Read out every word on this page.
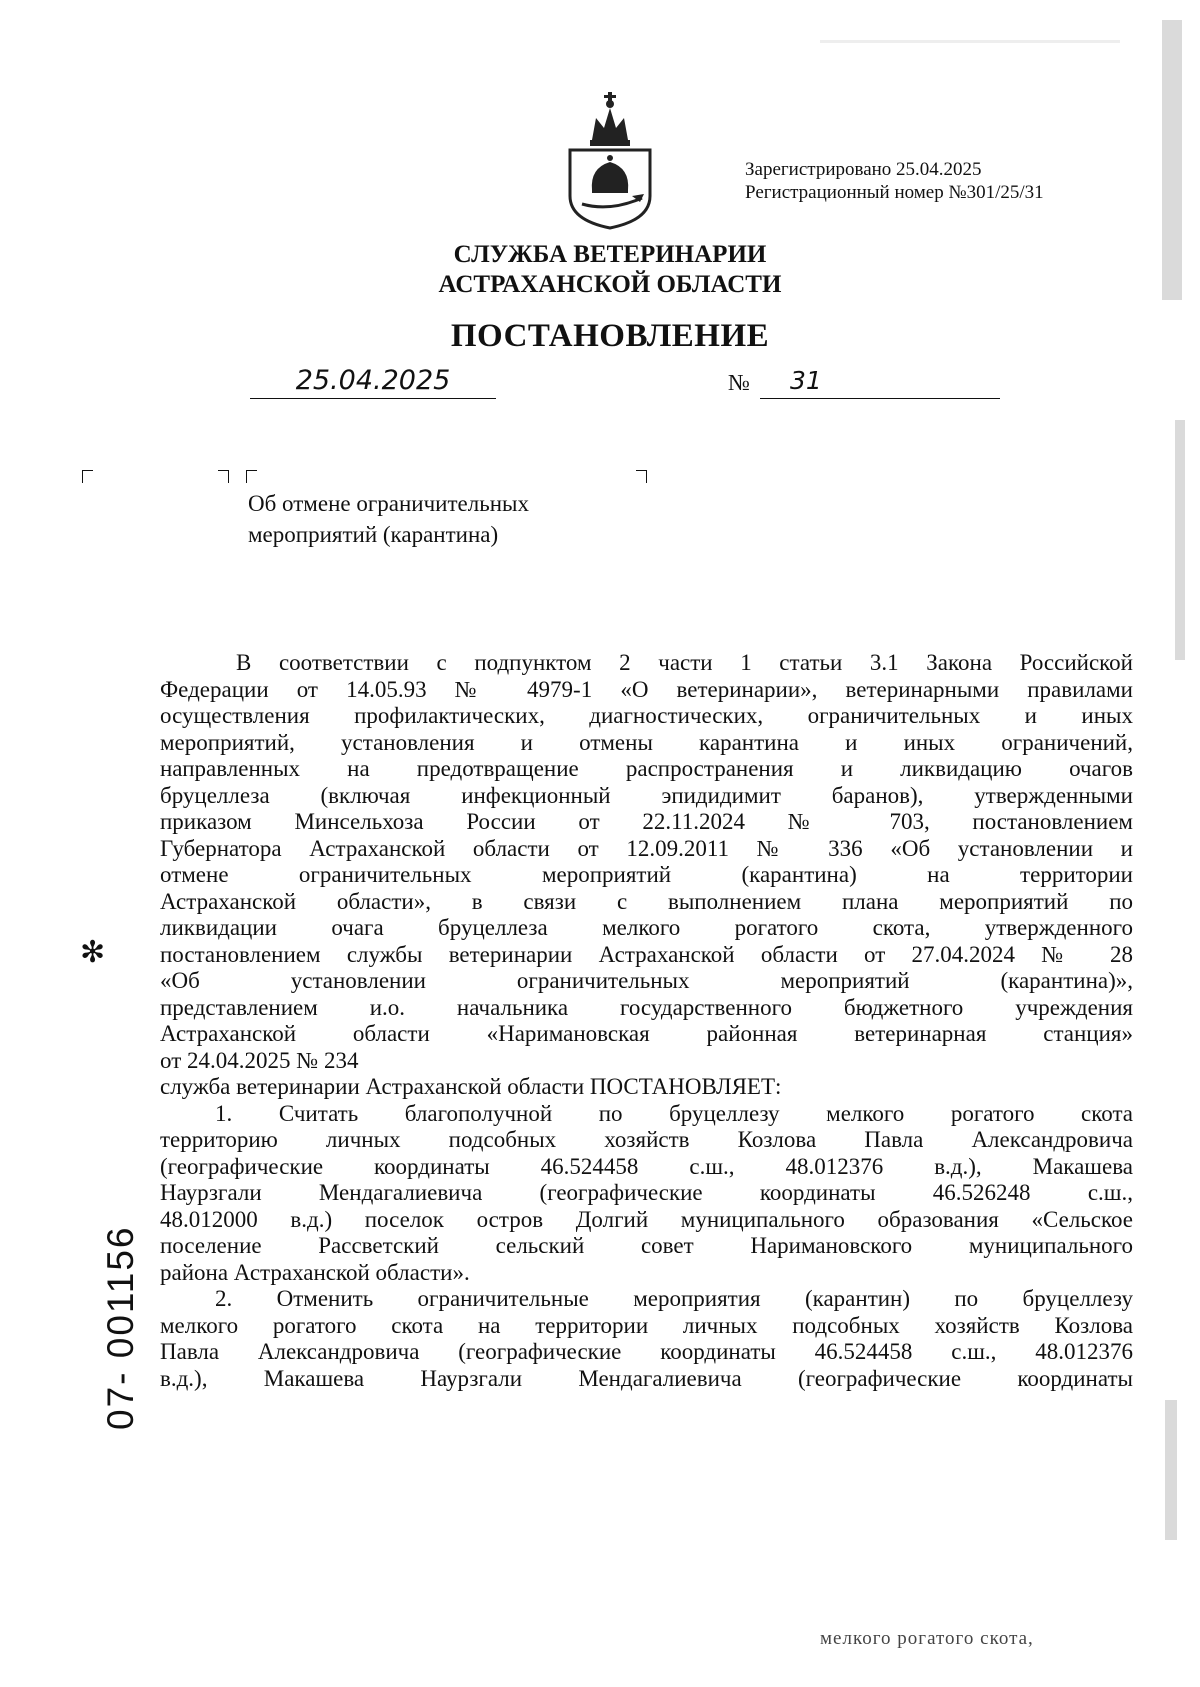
Зарегистрировано 25.04.2025
Регистрационный номер №301/25/31
СЛУЖБА ВЕТЕРИНАРИИ
АСТРАХАНСКОЙ ОБЛАСТИ
ПОСТАНОВЛЕНИЕ
25.04.2025	№	31
Об отмене ограничительных
мероприятий (карантина)

В соответствии с подпунктом 2 части 1 статьи 3.1 Закона Российской

Федерации от 14.05.93 № 4979-1 «О ветеринарии», ветеринарными правилами

осуществления профилактических, диагностических, ограничительных и иных

мероприятий, установления и отмены карантина и иных ограничений,

направленных на предотвращение распространения и ликвидацию очагов

бруцеллеза (включая инфекционный эпидидимит баранов), утвержденными

приказом Минсельхоза России от 22.11.2024 № 703, постановлением

Губернатора Астраханской области от 12.09.2011 № 336 «Об установлении и

отмене ограничительных мероприятий (карантина) на территории

Астраханской области», в связи с выполнением плана мероприятий по

ликвидации очага бруцеллеза мелкого рогатого скота, утвержденного

постановлением службы ветеринарии Астраханской области от 27.04.2024 № 28

«Об установлении ограничительных мероприятий (карантина)»,

представлением и.о. начальника государственного бюджетного учреждения

Астраханской области «Наримановская районная ветеринарная станция»

от 24.04.2025 № 234

служба ветеринарии Астраханской области ПОСТАНОВЛЯЕТ:

1. Считать благополучной по бруцеллезу мелкого рогатого скота

территорию личных подсобных хозяйств Козлова Павла Александровича

(географические координаты 46.524458 с.ш., 48.012376 в.д.), Макашева

Наурзгали Мендагалиевича (географические координаты 46.526248 с.ш.,

48.012000 в.д.) поселок остров Долгий муниципального образования «Сельское

поселение Рассветский сельский совет Наримановского муниципального

района Астраханской области».

2. Отменить ограничительные мероприятия (карантин) по бруцеллезу

мелкого рогатого скота на территории личных подсобных хозяйств Козлова

Павла Александровича (географические координаты 46.524458 с.ш., 48.012376

в.д.), Макашева Наурзгали Мендагалиевича (географические координаты

✻
07- 001156
мелкого рогатого скота,
